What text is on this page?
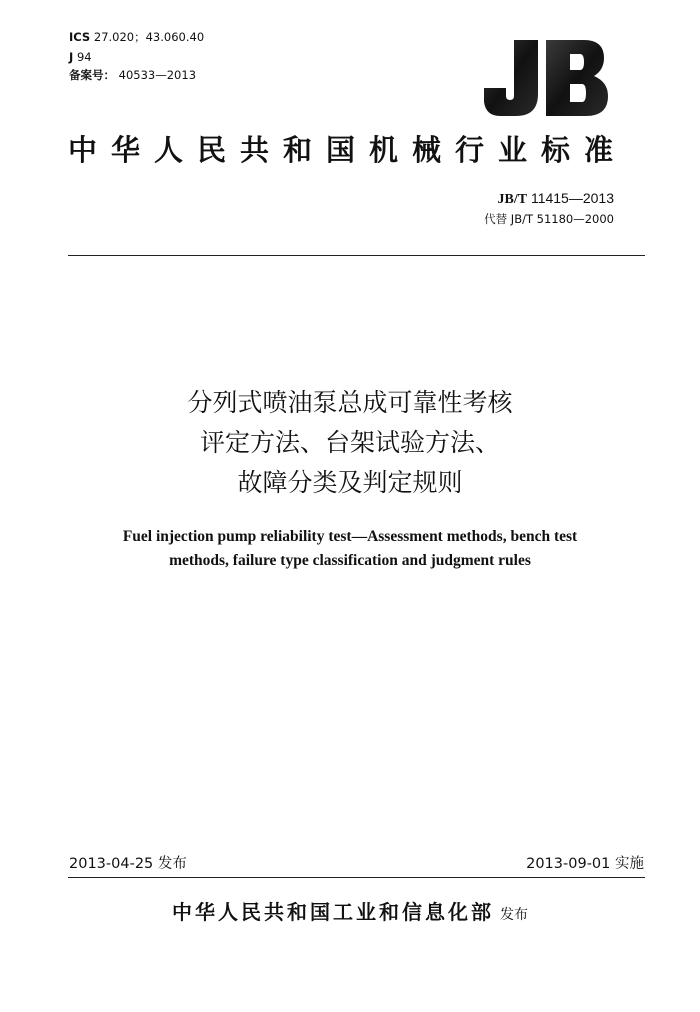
ICS 27.020；43.060.40
J 94
备案号： 40533—2013
中华人民共和国机械行业标准
JB/T 11415—2013
代替 JB/T 51180—2000
分列式喷油泵总成可靠性考核
评定方法、台架试验方法、
故障分类及判定规则
Fuel injection pump reliability test—Assessment methods, bench test
methods, failure type classification and judgment rules
2013-04-25 发布	2013-09-01 实施
中华人民共和国工业和信息化部 发布
